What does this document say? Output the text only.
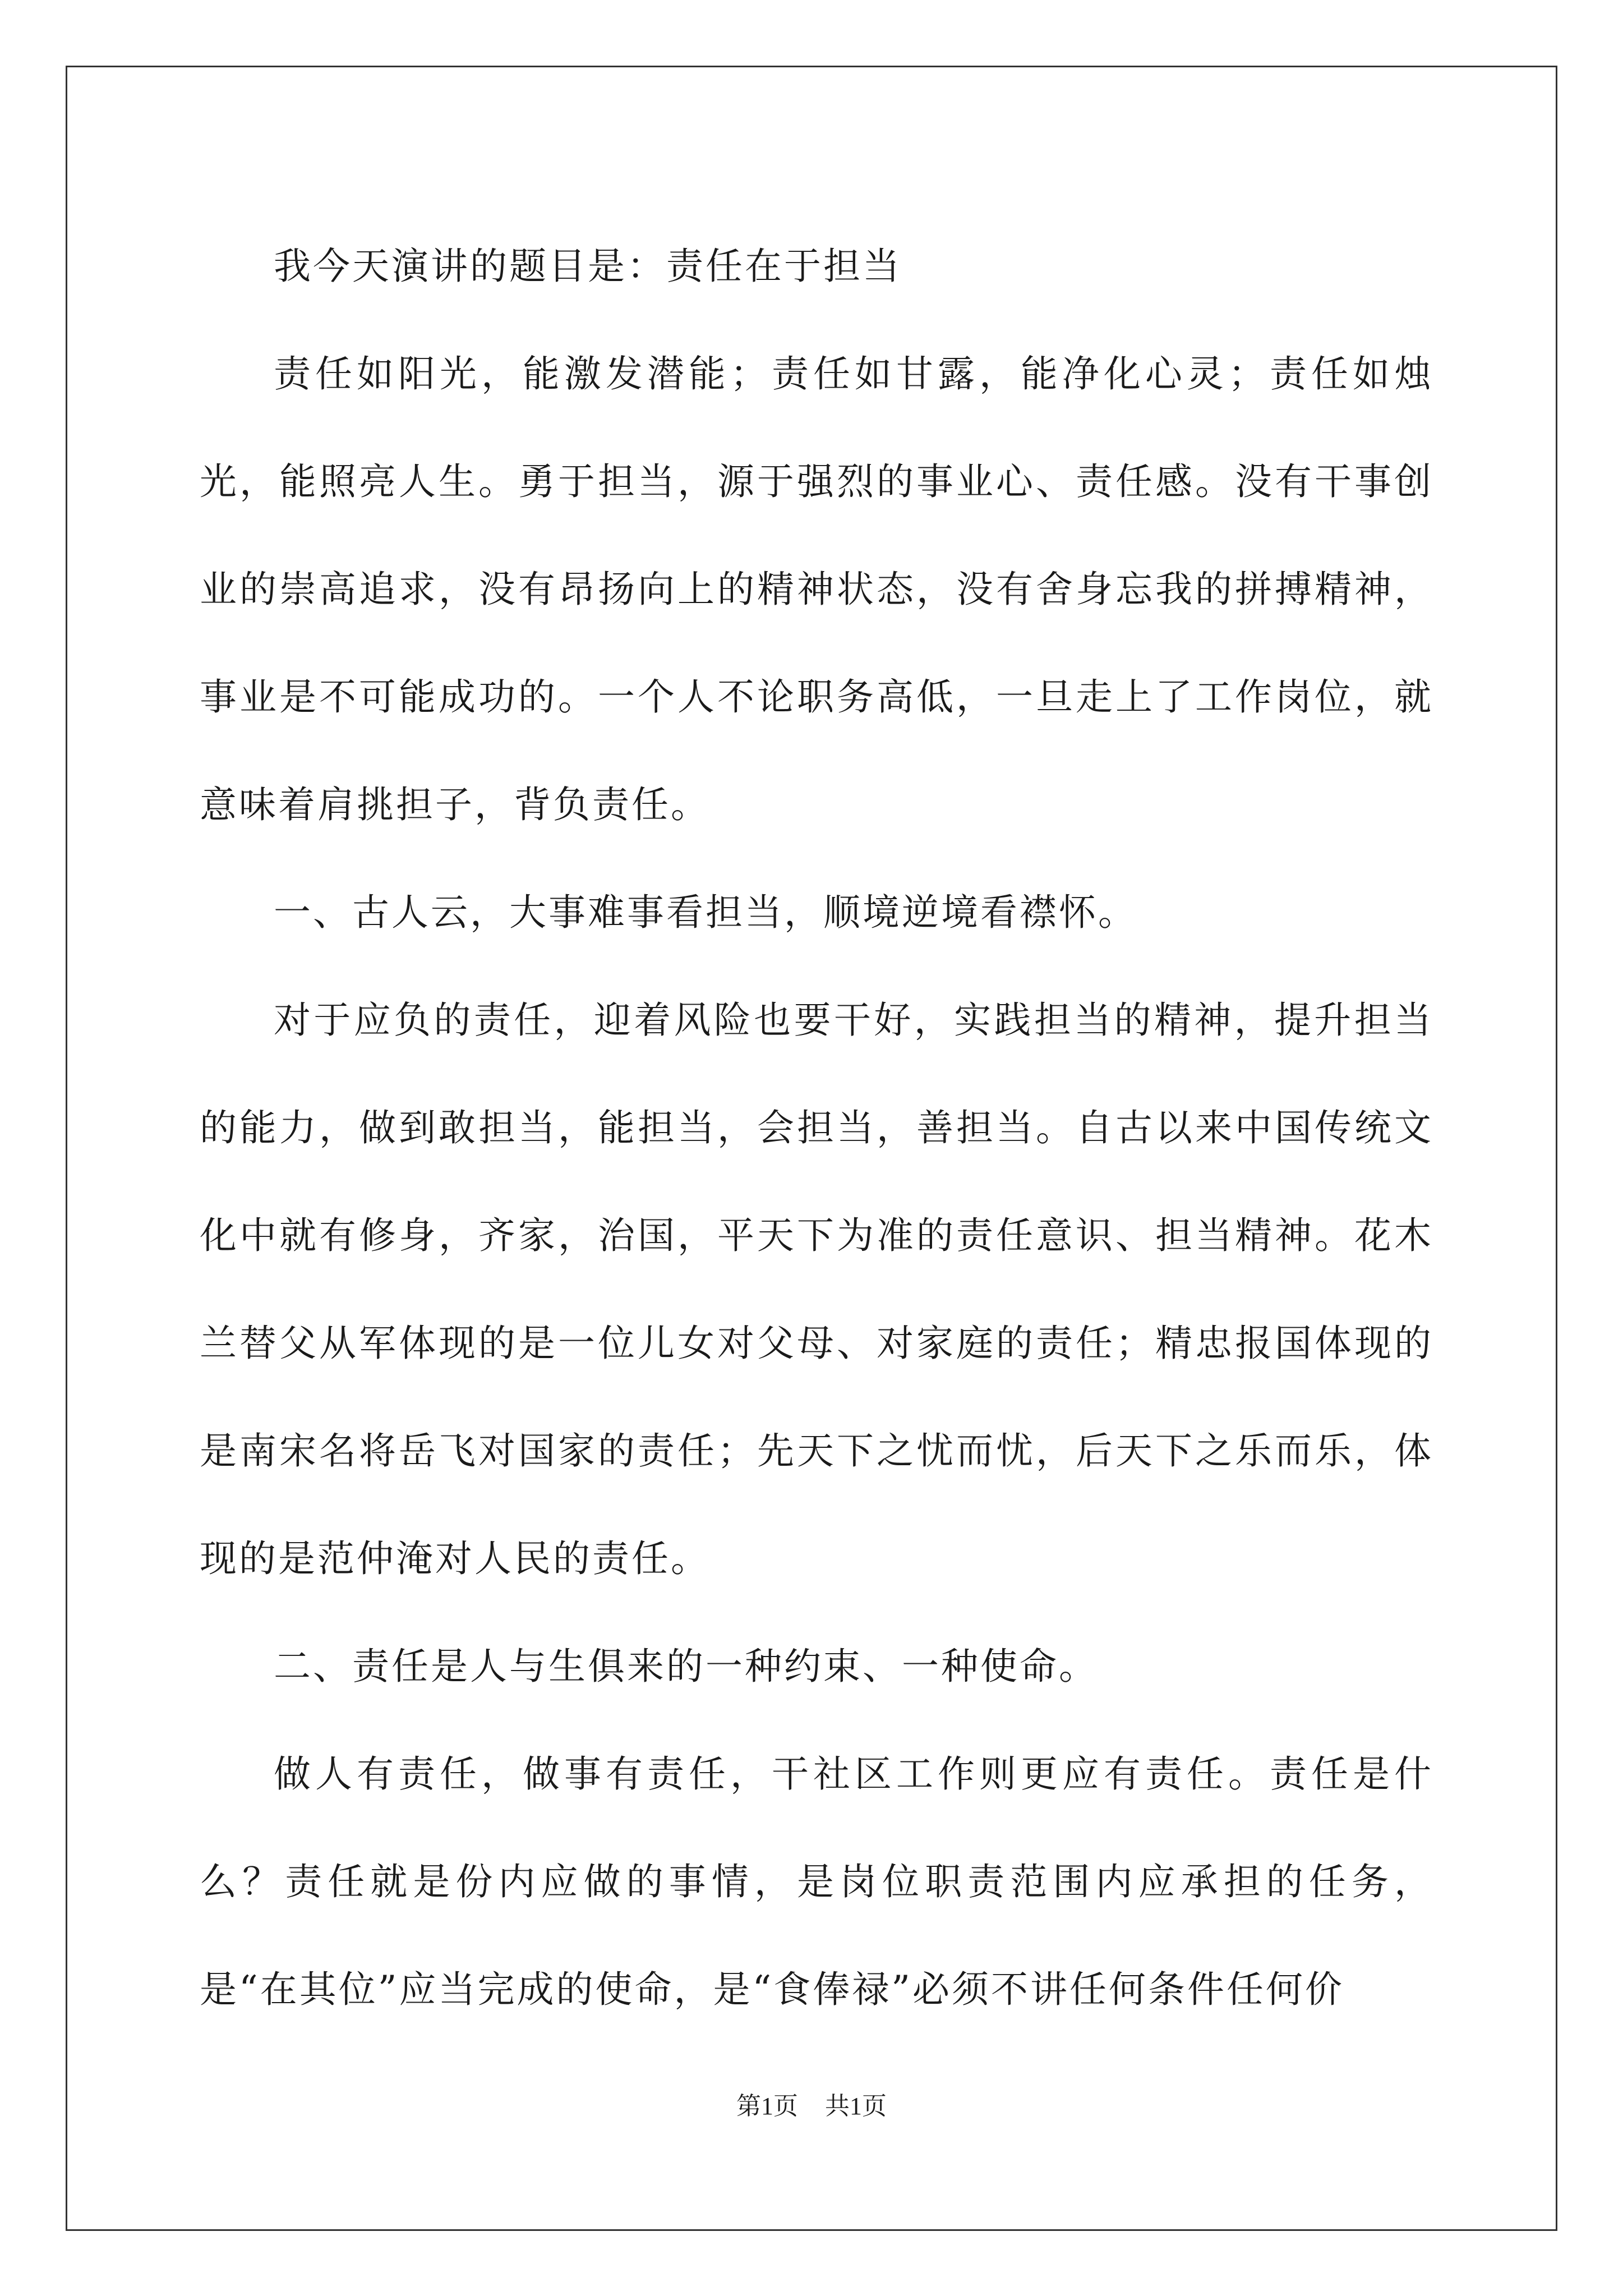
我今天演讲的题目是：责任在于担当

责任如阳光，能激发潜能；责任如甘露，能净化心灵；责任如烛光，能照亮人生。勇于担当，源于强烈的事业心、责任感。没有干事创业的崇高追求，没有昂扬向上的精神状态，没有舍身忘我的拼搏精神，事业是不可能成功的。一个人不论职务高低，一旦走上了工作岗位，就意味着肩挑担子，背负责任。

一、古人云，大事难事看担当，顺境逆境看襟怀。

对于应负的责任，迎着风险也要干好，实践担当的精神，提升担当的能力，做到敢担当，能担当，会担当，善担当。自古以来中国传统文化中就有修身，齐家，治国，平天下为准的责任意识、担当精神。花木兰替父从军体现的是一位儿女对父母、对家庭的责任；精忠报国体现的是南宋名将岳飞对国家的责任；先天下之忧而忧，后天下之乐而乐，体现的是范仲淹对人民的责任。

二、责任是人与生俱来的一种约束、一种使命。

做人有责任，做事有责任，干社区工作则更应有责任。责任是什么？责任就是份内应做的事情，是岗位职责范围内应承担的任务，是“在其位”应当完成的使命，是“食俸禄”必须不讲任何条件任何价

第1页 共1页
